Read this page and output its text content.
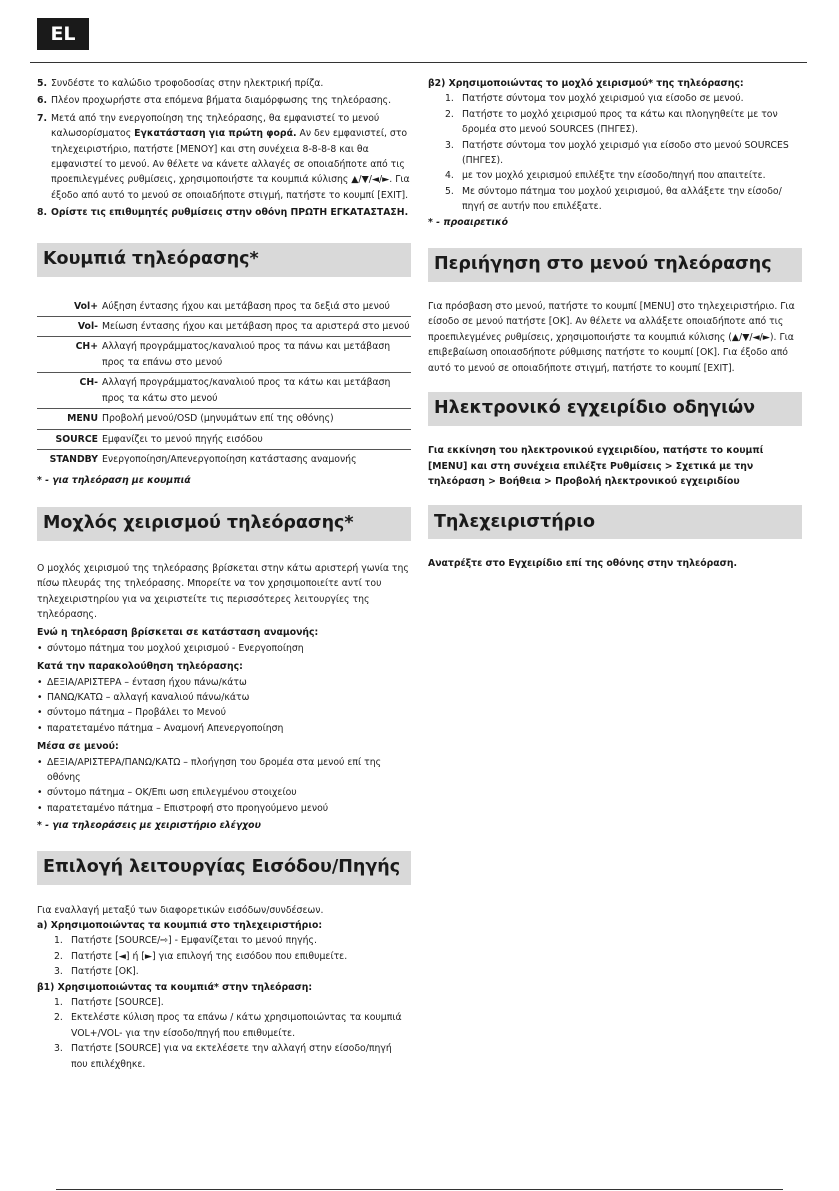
EL
5. Συνδέστε το καλώδιο τροφοδοσίας στην ηλεκτρική πρίζα.
6. Πλέον προχωρήστε στα επόμενα βήματα διαμόρφωσης της τηλεόρασης.
7. Μετά από την ενεργοποίηση της τηλεόρασης, θα εμφανιστεί το μενού καλωσορίσματος Εγκατάσταση για πρώτη φορά. Αν δεν εμφανιστεί, στο τηλεχειριστήριο, πατήστε [ΜΕΝΟΥ] και στη συνέχεια 8-8-8-8 και θα εμφανιστεί το μενού. Αν θέλετε να κάνετε αλλαγές σε οποιαδήποτε από τις προεπιλεγμένες ρυθμίσεις, χρησιμοποιήστε τα κουμπιά κύλισης ▲/▼/◄/►. Για έξοδο από αυτό το μενού σε οποιαδήποτε στιγμή, πατήστε το κουμπί [EXIT].
8. Ορίστε τις επιθυμητές ρυθμίσεις στην οθόνη ΠΡΩΤΗ ΕΓΚΑΤΑΣΤΑΣΗ.
Κουμπιά τηλεόρασης*
Vol+	Αύξηση έντασης ήχου και μετάβαση προς τα δεξιά στο μενού
Vol-	Μείωση έντασης ήχου και μετάβαση προς τα αριστερά στο μενού
CH+	Αλλαγή προγράμματος/καναλιού προς τα πάνω και μετάβαση προς τα επάνω στο μενού
CH-	Αλλαγή προγράμματος/καναλιού προς τα κάτω και μετάβαση προς τα κάτω στο μενού
MENU	Προβολή μενού/OSD (μηνυμάτων επί της οθόνης)
SOURCE	Εμφανίζει το μενού πηγής εισόδου
STANDBY	Ενεργοποίηση/Απενεργοποίηση κατάστασης αναμονής

* - για τηλεόραση με κουμπιά

Μοχλός χειρισμού τηλεόρασης*

Ο μοχλός χειρισμού της τηλεόρασης βρίσκεται στην κάτω αριστερή γωνία της πίσω πλευράς της τηλεόρασης. Μπορείτε να τον χρησιμοποιείτε αντί του τηλεχειριστηρίου για να χειριστείτε τις περισσότερες λειτουργίες της τηλεόρασης.

Ενώ η τηλεόραση βρίσκεται σε κατάσταση αναμονής:

• σύντομο πάτημα του μοχλού χειρισμού - Ενεργοποίηση

Κατά την παρακολούθηση τηλεόρασης:

• ΔΕΞΙΑ/ΑΡΙΣΤΕΡΑ – ένταση ήχου πάνω/κάτω
• ΠΑΝΩ/ΚΑΤΩ – αλλαγή καναλιού πάνω/κάτω
• σύντομο πάτημα – Προβάλει το Μενού
• παρατεταμένο πάτημα – Αναμονή Απενεργοποίηση

Μέσα σε μενού:

• ΔΕΞΙΑ/ΑΡΙΣΤΕΡΑ/ΠΑΝΩ/ΚΑΤΩ – πλοήγηση του δρομέα στα μενού επί της οθόνης
• σύντομο πάτημα – OK/Επι ωση επιλεγμένου στοιχείου
• παρατεταμένο πάτημα – Επιστροφή στο προηγούμενο μενού

* - για τηλεοράσεις με χειριστήριο ελέγχου

Επιλογή λειτουργίας Εισόδου/Πηγής

Για εναλλαγή μεταξύ των διαφορετικών εισόδων/συνδέσεων.

a) Χρησιμοποιώντας τα κουμπιά στο τηλεχειριστήριο:

1. Πατήστε [SOURCE/⇨] - Εμφανίζεται το μενού πηγής.
2. Πατήστε [◄] ή [►] για επιλογή της εισόδου που επιθυμείτε.
3. Πατήστε [OK].

β1) Χρησιμοποιώντας τα κουμπιά* στην τηλεόραση:

1. Πατήστε [SOURCE].
2. Εκτελέστε κύλιση προς τα επάνω / κάτω χρησιμοποιώντας τα κουμπιά VOL+/VOL- για την είσοδο/πηγή που επιθυμείτε.
3. Πατήστε [SOURCE] για να εκτελέσετε την αλλαγή στην είσοδο/πηγή που επιλέχθηκε.

β2) Χρησιμοποιώντας το μοχλό χειρισμού* της τηλεόρασης:

1. Πατήστε σύντομα τον μοχλό χειρισμού για είσοδο σε μενού.
2. Πατήστε το μοχλό χειρισμού προς τα κάτω και πλοηγηθείτε με τον δρομέα στο μενού SOURCES (ΠΗΓΕΣ).
3. Πατήστε σύντομα τον μοχλό χειρισμό για είσοδο στο μενού SOURCES (ΠΗΓΕΣ).
4. με τον μοχλό χειρισμού επιλέξτε την είσοδο/πηγή που απαιτείτε.
5. Με σύντομο πάτημα του μοχλού χειρισμού, θα αλλάξετε την είσοδο/πηγή σε αυτήν που επιλέξατε.

* - προαιρετικό

Περιήγηση στο μενού τηλεόρασης

Για πρόσβαση στο μενού, πατήστε το κουμπί [MENU] στο τηλεχειριστήριο. Για είσοδο σε μενού πατήστε [OK]. Αν θέλετε να αλλάξετε οποιαδήποτε από τις προεπιλεγμένες ρυθμίσεις, χρησιμοποιήστε τα κουμπιά κύλισης (▲/▼/◄/►). Για επιβεβαίωση οποιασδήποτε ρύθμισης πατήστε το κουμπί [OK]. Για έξοδο από αυτό το μενού σε οποιαδήποτε στιγμή, πατήστε το κουμπί [EXIT].

Ηλεκτρονικό εγχειρίδιο οδηγιών

Για εκκίνηση του ηλεκτρονικού εγχειριδίου, πατήστε το κουμπί [MENU] και στη συνέχεια επιλέξτε Ρυθμίσεις > Σχετικά με την τηλεόραση > Βοήθεια > Προβολή ηλεκτρονικού εγχειριδίου

Τηλεχειριστήριο

Ανατρέξτε στο Εγχειρίδιο επί της οθόνης στην τηλεόραση.
